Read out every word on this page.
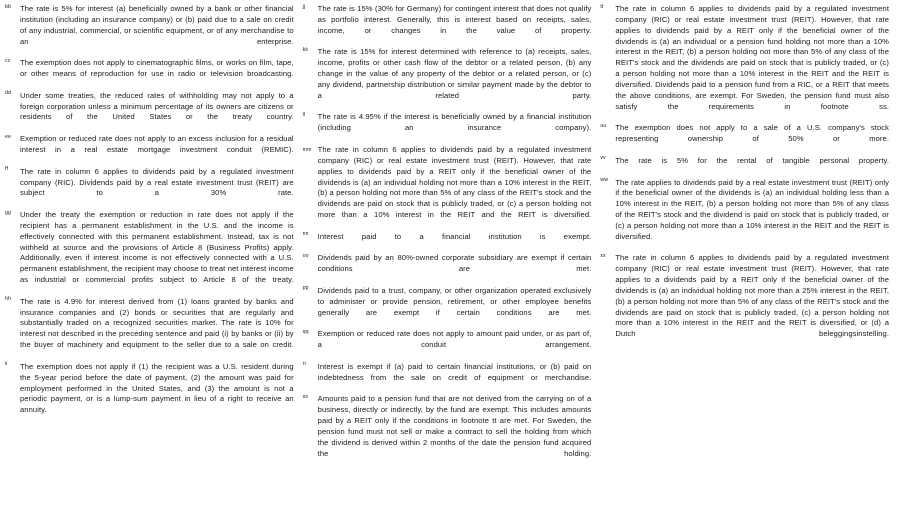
bb The rate is 5% for interest (a) beneficially owned by a bank or other financial institution (including an insurance company) or (b) paid due to a sale on credit of any industrial, commercial, or scientific equipment, or of any merchandise to an enterprise.
cc The exemption does not apply to cinematographic films, or works on film, tape, or other means of reproduction for use in radio or television broadcasting.
dd Under some treaties, the reduced rates of withholding may not apply to a foreign corporation unless a minimum percentage of its owners are citizens or residents of the United States or the treaty country.
ee Exemption or reduced rate does not apply to an excess inclusion for a residual interest in a real estate mortgage investment conduit (REMIC).
ff The rate in column 6 applies to dividends paid by a regulated investment company (RIC). Dividends paid by a real estate investment trust (REIT) are subject to a 30% rate.
gg Under the treaty the exemption or reduction in rate does not apply if the recipient has a permanent establishment in the U.S. and the income is effectively connected with this permanent establishment. Instead, tax is not withheld at source and the provisions of Article 8 (Business Profits) apply. Additionally, even if interest income is not effectively connected with a U.S. permanent establishment, the recipient may choose to treat net interest income as industrial or commercial profits subject to Article 8 of the treaty.
hh The rate is 4.9% for interest derived from (1) loans granted by banks and insurance companies and (2) bonds or securities that are regularly and substantially traded on a recognized securities market. The rate is 10% for interest not described in the preceding sentence and paid (i) by banks or (ii) by the buyer of machinery and equipment to the seller due to a sale on credit.
ii The exemption does not apply if (1) the recipient was a U.S. resident during the 5-year period before the date of payment, (2) the amount was paid for employment performed in the United States, and (3) the amount is not a periodic payment, or is a lump-sum payment in lieu of a right to receive an annuity.
jj The rate is 15% (30% for Germany) for contingent interest that does not qualify as portfolio interest. Generally, this is interest based on receipts, sales, income, or changes in the value of property.
kk The rate is 15% for interest determined with reference to (a) receipts, sales, income, profits or other cash flow of the debtor or a related person, (b) any change in the value of any property of the debtor or a related person, or (c) any dividend, partnership distribution or similar payment made by the debtor to a related party.
ll The rate is 4.95% if the interest is beneficially owned by a financial institution (including an insurance company).
mm The rate in column 6 applies to dividends paid by a regulated investment company (RIC) or real estate investment trust (REIT). However, that rate applies to dividends paid by a REIT only if the beneficial owner of the dividends is (a) an individual holding not more than a 10% interest in the REIT, (b) a person holding not more than 5% of any class of the REIT's stock and the dividends are paid on stock that is publicly traded, or (c) a person holding not more than a 10% interest in the REIT and the REIT is diversified.
nn Interest paid to a financial institution is exempt.
oo Dividends paid by an 80%-owned corporate subsidiary are exempt if certain conditions are met.
pp Dividends paid to a trust, company, or other organization operated exclusively to administer or provide pension, retirement, or other employee benefits generally are exempt if certain conditions are met.
qq Exemption or reduced rate does not apply to amount paid under, or as part of, a conduit arrangement.
rr Interest is exempt if (a) paid to certain financial institutions, or (b) paid on indebtedness from the sale on credit of equipment or merchandise.
ss Amounts paid to a pension fund that are not derived from the carrying on of a business, directly or indirectly, by the fund are exempt. This includes amounts paid by a REIT only if the conditions in footnote tt are met. For Sweden, the pension fund must not sell or make a contract to sell the holding from which the dividend is derived within 2 months of the date the pension fund acquired the holding.
tt The rate in column 6 applies to dividends paid by a regulated investment company (RIC) or real estate investment trust (REIT). However, that rate applies to dividends paid by a REIT only if the beneficial owner of the dividends is (a) an individual or a pension fund holding not more than a 10% interest in the REIT, (b) a person holding not more than 5% of any class of the REIT's stock and the dividends are paid on stock that is publicly traded, or (c) a person holding not more than a 10% interest in the REIT and the REIT is diversified. Dividends paid to a pension fund from a RIC, or a REIT that meets the above conditions, are exempt. For Sweden, the pension fund must also satisfy the requirements in footnote ss.
uu The exemption does not apply to a sale of a U.S. company's stock representing ownership of 50% or more.
vv The rate is 5% for the rental of tangible personal property.
ww The rate applies to dividends paid by a real estate investment trust (REIT) only if the beneficial owner of the dividends is (a) an individual holding less than a 10% interest in the REIT, (b) a person holding not more than 5% of any class of the REIT's stock and the dividend is paid on stock that is publicly traded, or (c) a person holding not more than a 10% interest in the REIT and the REIT is diversified.
xx The rate in column 6 applies to dividends paid by a regulated investment company (RIC) or real estate investment trust (REIT). However, that rate applies to a dividends paid by a REIT only if the beneficial owner of the dividends is (a) an individual holding not more than a 25% interest in the REIT, (b) a person holding not more than 5% of any class of the REIT's stock and the dividends are paid on stock that is publicly traded, (c) a person holding not more than a 10% interest in the REIT and the REIT is diversified, or (d) a Dutch beleggingsinstelling.
